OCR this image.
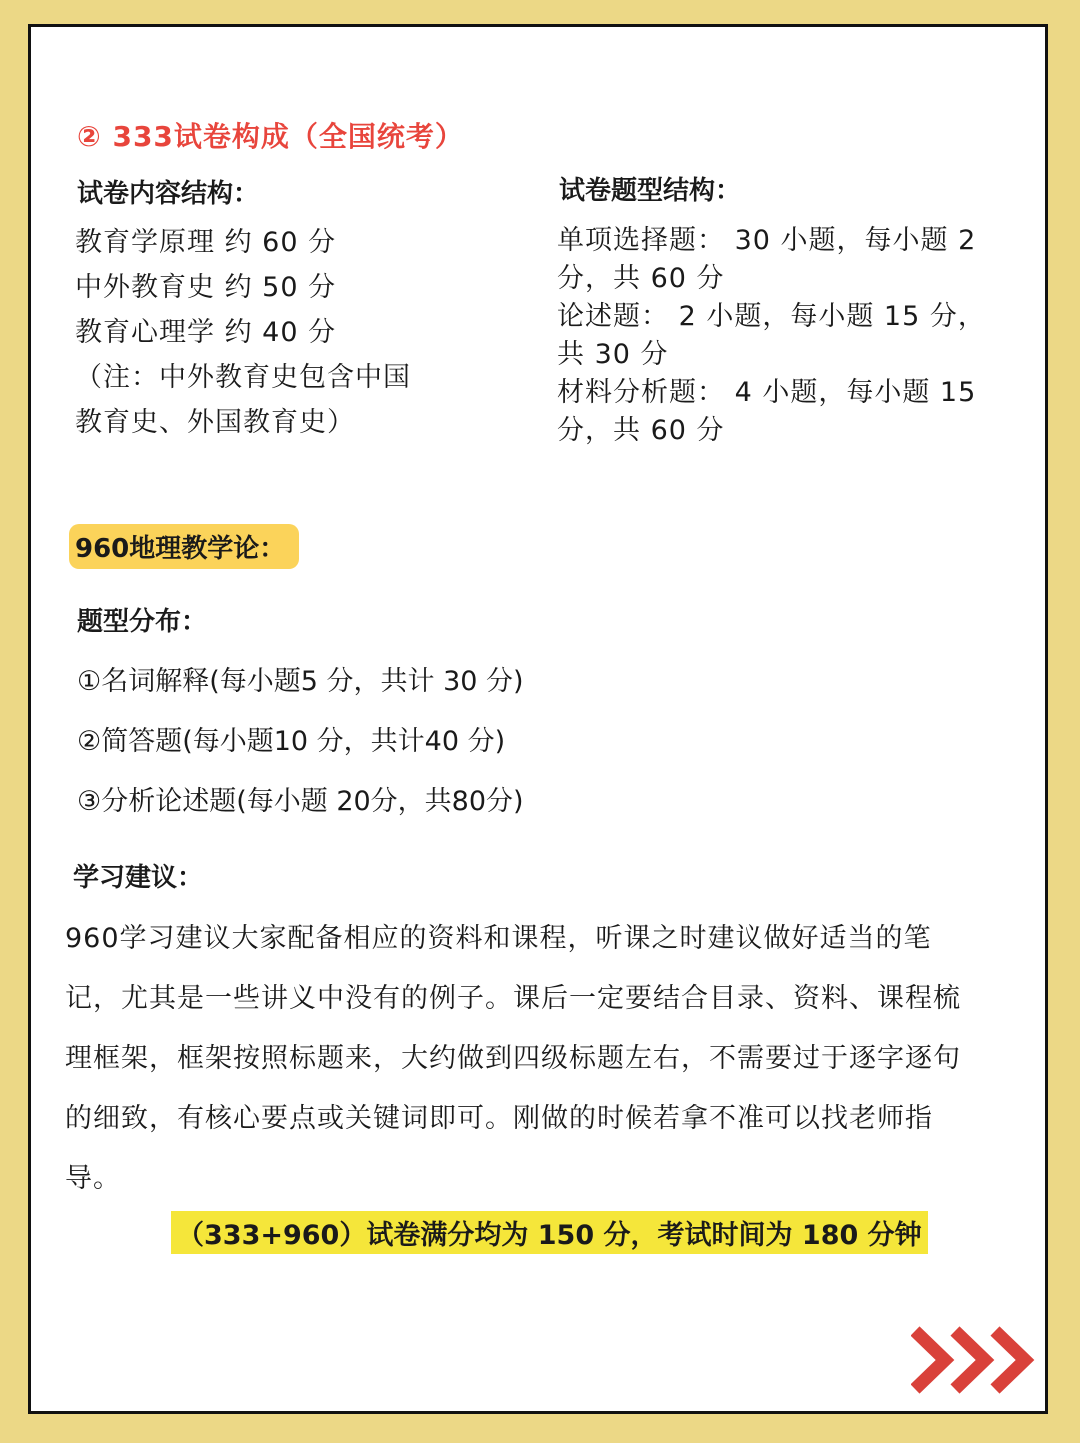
② 333试卷构成（全国统考）
试卷内容结构：
教育学原理 约 60 分
中外教育史 约 50 分
教育心理学 约 40 分
（注：中外教育史包含中国
教育史、外国教育史）
试卷题型结构：
单项选择题： 30 小题，每小题 2
分，共 60 分
论述题： 2 小题，每小题 15 分，
共 30 分
材料分析题： 4 小题，每小题 15
分，共 60 分
960地理教学论：
题型分布：
①名词解释(每小题5 分，共计 30 分)
②简答题(每小题10 分，共计40 分)
③分析论述题(每小题 20分，共80分)
学习建议：
960学习建议大家配备相应的资料和课程，听课之时建议做好适当的笔
记，尤其是一些讲义中没有的例子。课后一定要结合目录、资料、课程梳
理框架，框架按照标题来，大约做到四级标题左右，不需要过于逐字逐句
的细致，有核心要点或关键词即可。刚做的时候若拿不准可以找老师指
导。
（333+960）试卷满分均为 150 分，考试时间为 180 分钟
